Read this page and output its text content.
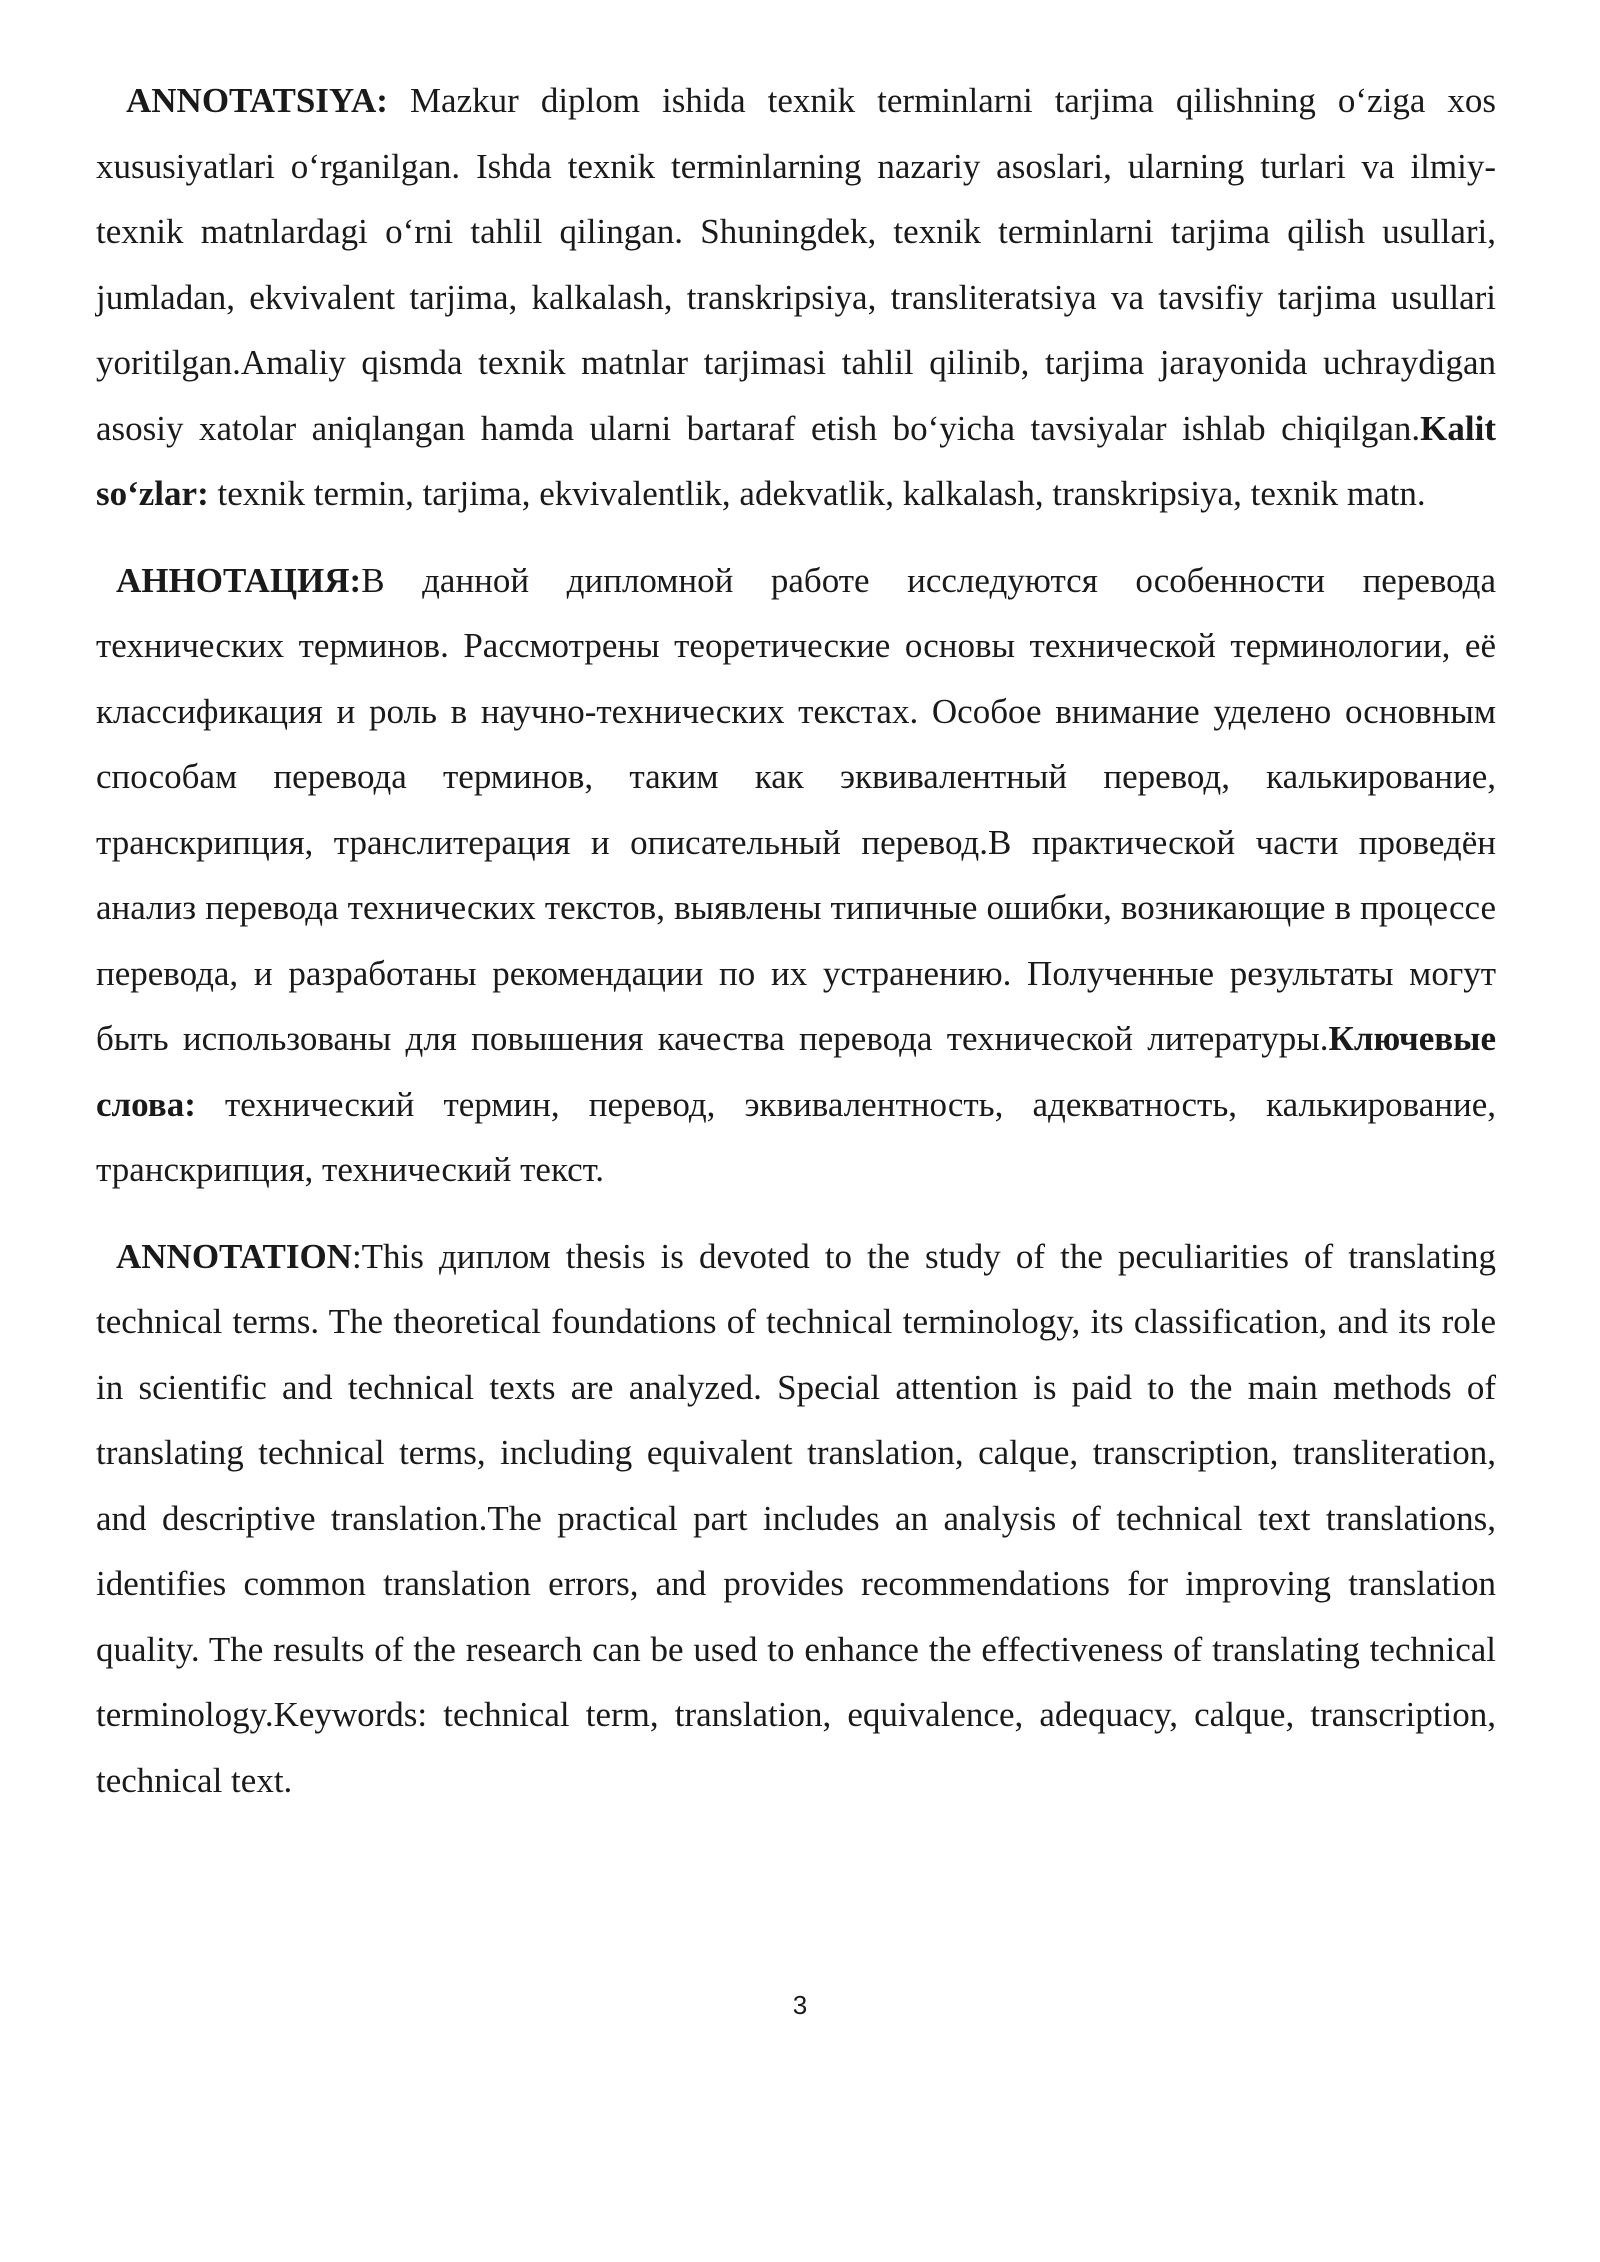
ANNOTATSIYA: Mazkur diplom ishida texnik terminlarni tarjima qilishning o‘ziga xos xususiyatlari o‘rganilgan. Ishda texnik terminlarning nazariy asoslari, ularning turlari va ilmiy-texnik matnlardagi o‘rni tahlil qilingan. Shuningdek, texnik terminlarni tarjima qilish usullari, jumladan, ekvivalent tarjima, kalkalash, transkripsiya, transliteratsiya va tavsifiy tarjima usullari yoritilgan.Amaliy qismda texnik matnlar tarjimasi tahlil qilinib, tarjima jarayonida uchraydigan asosiy xatolar aniqlangan hamda ularni bartaraf etish bo‘yicha tavsiyalar ishlab chiqilgan.Kalit so‘zlar: texnik termin, tarjima, ekvivalentlik, adekvatlik, kalkalash, transkripsiya, texnik matn.

АННОТАЦИЯ:В данной дипломной работе исследуются особенности перевода технических терминов. Рассмотрены теоретические основы технической терминологии, её классификация и роль в научно-технических текстах. Особое внимание уделено основным способам перевода терминов, таким как эквивалентный перевод, калькирование, транскрипция, транслитерация и описательный перевод.В практической части проведён анализ перевода технических текстов, выявлены типичные ошибки, возникающие в процессе перевода, и разработаны рекомендации по их устранению. Полученные результаты могут быть использованы для повышения качества перевода технической литературы.Ключевые слова: технический термин, перевод, эквивалентность, адекватность, калькирование, транскрипция, технический текст.

ANNOTATION:This диплом thesis is devoted to the study of the peculiarities of translating technical terms. The theoretical foundations of technical terminology, its classification, and its role in scientific and technical texts are analyzed. Special attention is paid to the main methods of translating technical terms, including equivalent translation, calque, transcription, transliteration, and descriptive translation.The practical part includes an analysis of technical text translations, identifies common translation errors, and provides recommendations for improving translation quality. The results of the research can be used to enhance the effectiveness of translating technical terminology.Keywords: technical term, translation, equivalence, adequacy, calque, transcription, technical text.

3
